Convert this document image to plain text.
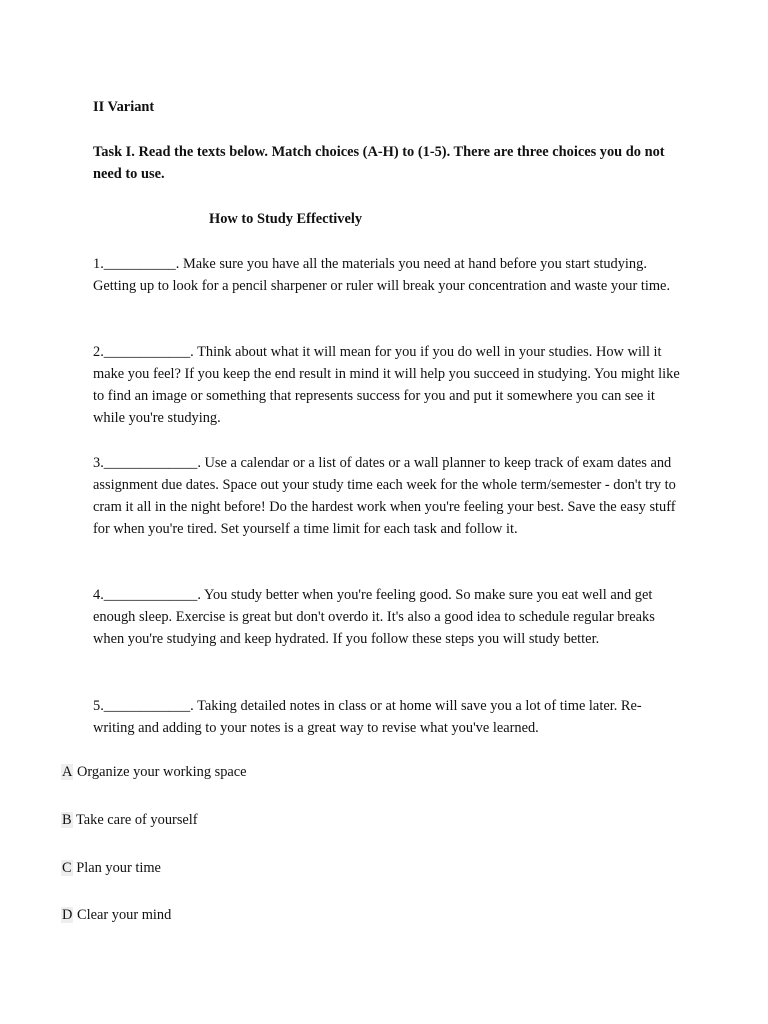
II Variant

Task I. Read the texts below. Match choices (A-H) to (1-5). There are three choices you do not need to use.

How to Study Effectively

1.__________. Make sure you have all the materials you need at hand before you start studying. Getting up to look for a pencil sharpener or ruler will break your concentration and waste your time.

2.____________. Think about what it will mean for you if you do well in your studies. How will it make you feel? If you keep the end result in mind it will help you succeed in studying. You might like to find an image or something that represents success for you and put it somewhere you can see it while you're studying.

3._____________. Use a calendar or a list of dates or a wall planner to keep track of exam dates and assignment due dates. Space out your study time each week for the whole term/semester - don't try to cram it all in the night before! Do the hardest work when you're feeling your best. Save the easy stuff for when you're tired. Set yourself a time limit for each task and follow it.

4._____________. You study better when you're feeling good. So make sure you eat well and get enough sleep. Exercise is great but don't overdo it. It's also a good idea to schedule regular breaks when you're studying and keep hydrated. If you follow these steps you will study better.

5.____________. Taking detailed notes in class or at home will save you a lot of time later. Re-writing and adding to your notes is a great way to revise what you've learned.

A Organize your working space

B Take care of yourself

C Plan your time

D Clear your mind
